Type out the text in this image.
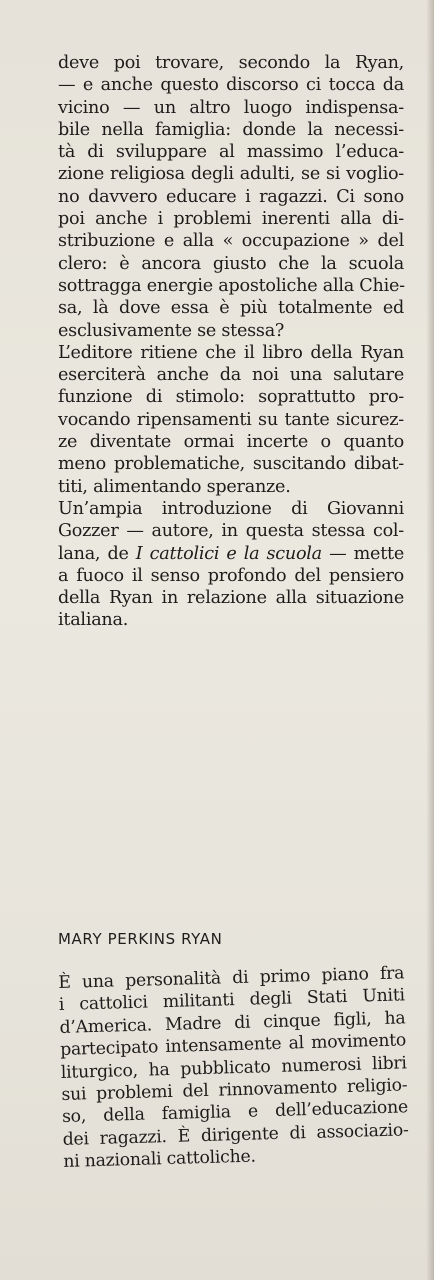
deve poi trovare, secondo la Ryan,
— e anche questo discorso ci tocca da
vicino — un altro luogo indispensa-
bile nella famiglia: donde la necessi-
tà di sviluppare al massimo l’educa-
zione religiosa degli adulti, se si voglio-
no davvero educare i ragazzi. Ci sono
poi anche i problemi inerenti alla di-
stribuzione e alla « occupazione » del
clero: è ancora giusto che la scuola
sottragga energie apostoliche alla Chie-
sa, là dove essa è più totalmente ed
esclusivamente se stessa?
L’editore ritiene che il libro della Ryan
eserciterà anche da noi una salutare
funzione di stimolo: soprattutto pro-
vocando ripensamenti su tante sicurez-
ze diventate ormai incerte o quanto
meno problematiche, suscitando dibat-
titi, alimentando speranze.
Un’ampia introduzione di Giovanni
Gozzer — autore, in questa stessa col-
lana, de I cattolici e la scuola — mette
a fuoco il senso profondo del pensiero
della Ryan in relazione alla situazione
italiana.
MARY PERKINS RYAN
È una personalità di primo piano fra
i cattolici militanti degli Stati Uniti
d’America. Madre di cinque figli, ha
partecipato intensamente al movimento
liturgico, ha pubblicato numerosi libri
sui problemi del rinnovamento religio-
so, della famiglia e dell’educazione
dei ragazzi. È dirigente di associazio-
ni nazionali cattoliche.
